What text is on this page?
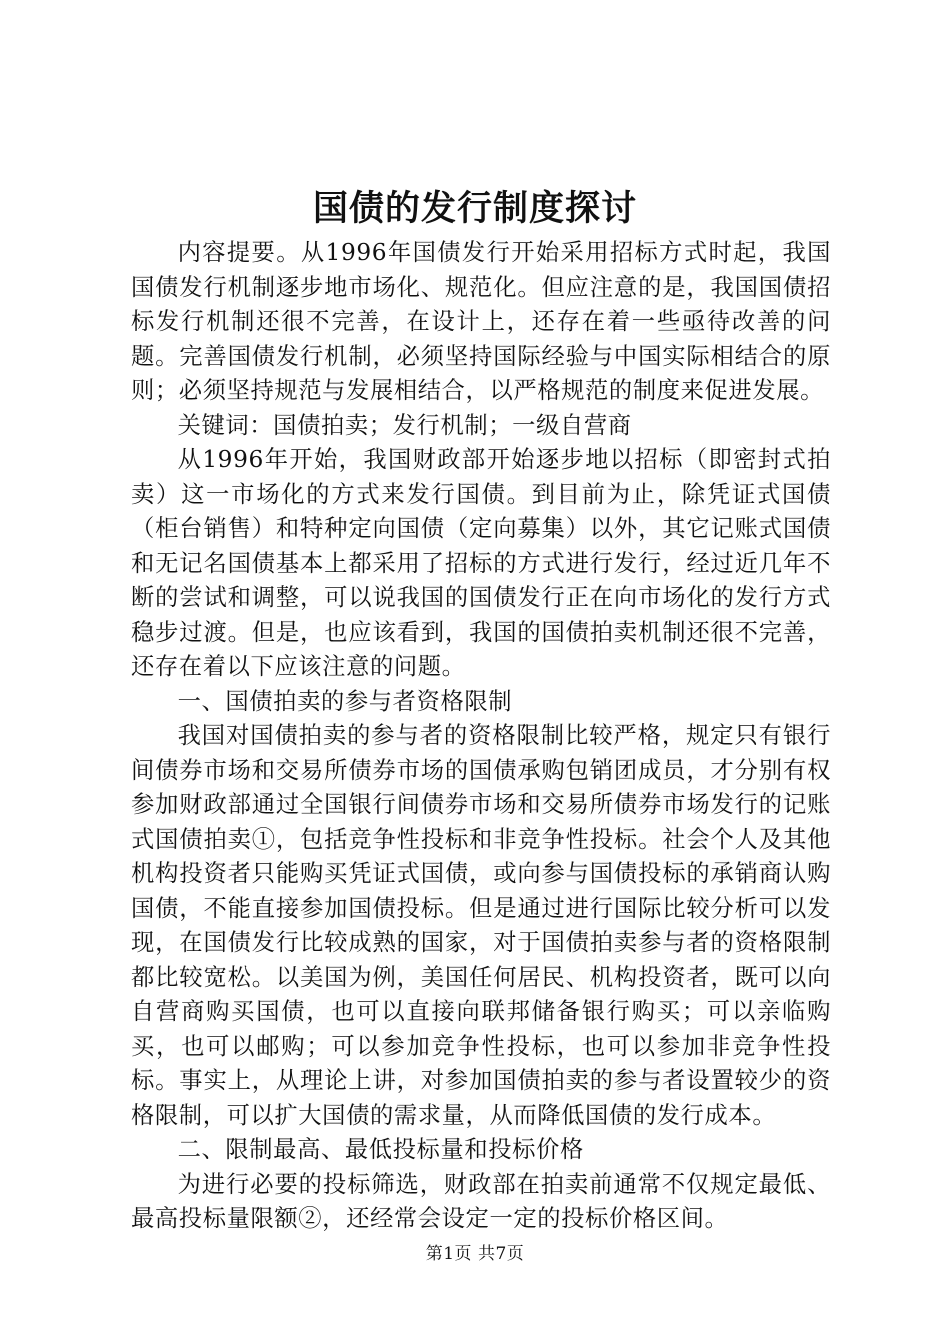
国债的发行制度探讨

内容提要。从1996年国债发行开始采用招标方式时起，我国国债发行机制逐步地市场化、规范化。但应注意的是，我国国债招标发行机制还很不完善，在设计上，还存在着一些亟待改善的问题。完善国债发行机制，必须坚持国际经验与中国实际相结合的原则；必须坚持规范与发展相结合，以严格规范的制度来促进发展。

关键词：国债拍卖；发行机制；一级自营商

从1996年开始，我国财政部开始逐步地以招标（即密封式拍卖）这一市场化的方式来发行国债。到目前为止，除凭证式国债（柜台销售）和特种定向国债（定向募集）以外，其它记账式国债和无记名国债基本上都采用了招标的方式进行发行，经过近几年不断的尝试和调整，可以说我国的国债发行正在向市场化的发行方式稳步过渡。但是，也应该看到，我国的国债拍卖机制还很不完善，还存在着以下应该注意的问题。

一、国债拍卖的参与者资格限制

我国对国债拍卖的参与者的资格限制比较严格，规定只有银行间债券市场和交易所债券市场的国债承购包销团成员，才分别有权参加财政部通过全国银行间债券市场和交易所债券市场发行的记账式国债拍卖①，包括竞争性投标和非竞争性投标。社会个人及其他机构投资者只能购买凭证式国债，或向参与国债投标的承销商认购国债，不能直接参加国债投标。但是通过进行国际比较分析可以发现，在国债发行比较成熟的国家，对于国债拍卖参与者的资格限制都比较宽松。以美国为例，美国任何居民、机构投资者，既可以向自营商购买国债，也可以直接向联邦储备银行购买；可以亲临购买，也可以邮购；可以参加竞争性投标，也可以参加非竞争性投标。事实上，从理论上讲，对参加国债拍卖的参与者设置较少的资格限制，可以扩大国债的需求量，从而降低国债的发行成本。

二、限制最高、最低投标量和投标价格

为进行必要的投标筛选，财政部在拍卖前通常不仅规定最低、最高投标量限额②，还经常会设定一定的投标价格区间。

第1页 共7页
